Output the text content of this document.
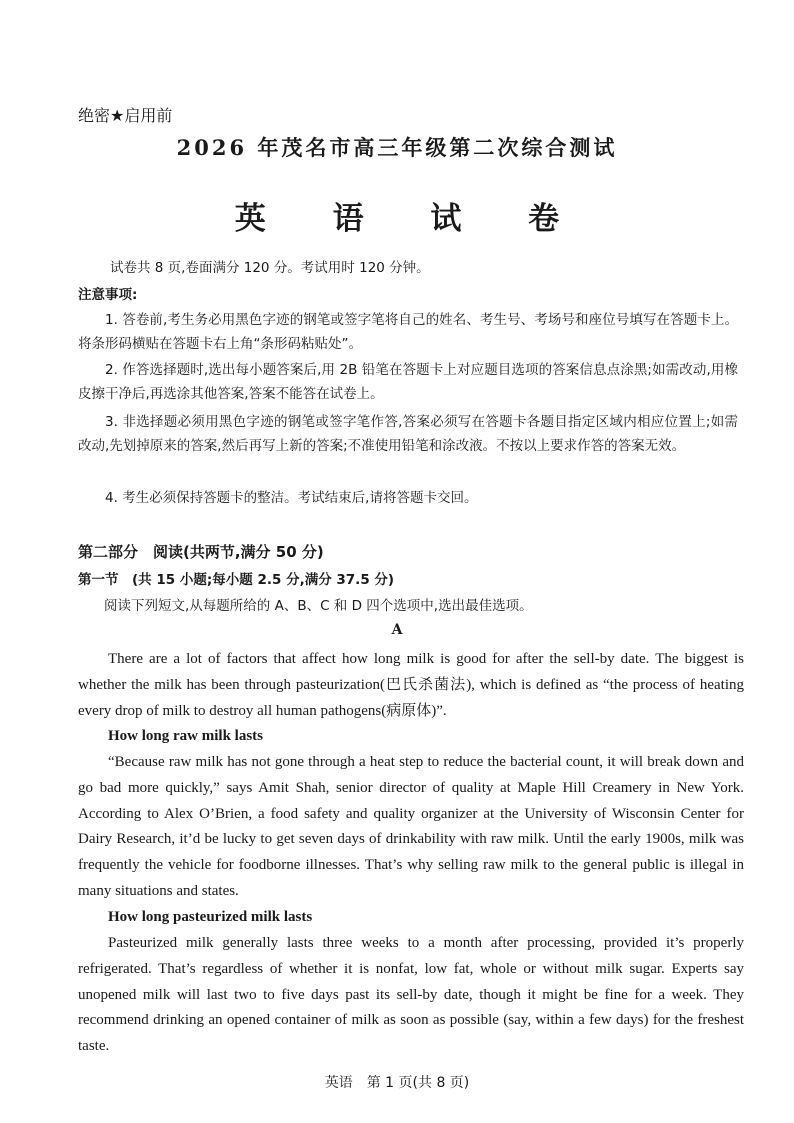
绝密★启用前
2026 年茂名市高三年级第二次综合测试
英 语 试 卷
试卷共 8 页,卷面满分 120 分。考试用时 120 分钟。
注意事项:

1. 答卷前,考生务必用黑色字迹的钢笔或签字笔将自己的姓名、考生号、考场号和座位号填写在答题卡上。将条形码横贴在答题卡右上角“条形码粘贴处”。

2. 作答选择题时,选出每小题答案后,用 2B 铅笔在答题卡上对应题目选项的答案信息点涂黑;如需改动,用橡皮擦干净后,再选涂其他答案,答案不能答在试卷上。

3. 非选择题必须用黑色字迹的钢笔或签字笔作答,答案必须写在答题卡各题目指定区域内相应位置上;如需改动,先划掉原来的答案,然后再写上新的答案;不准使用铅笔和涂改液。不按以上要求作答的答案无效。

4. 考生必须保持答题卡的整洁。考试结束后,请将答题卡交回。

第二部分　阅读(共两节,满分 50 分)
第一节　(共 15 小题;每小题 2.5 分,满分 37.5 分)
阅读下列短文,从每题所给的 A、B、C 和 D 四个选项中,选出最佳选项。
A

There are a lot of factors that affect how long milk is good for after the sell-by date. The biggest is whether the milk has been through pasteurization(巴氏杀菌法), which is defined as “the process of heating every drop of milk to destroy all human pathogens(病原体)”.

How long raw milk lasts

“Because raw milk has not gone through a heat step to reduce the bacterial count, it will break down and go bad more quickly,” says Amit Shah, senior director of quality at Maple Hill Creamery in New York. According to Alex O’Brien, a food safety and quality organizer at the University of Wisconsin Center for Dairy Research, it’d be lucky to get seven days of drinkability with raw milk. Until the early 1900s, milk was frequently the vehicle for foodborne illnesses. That’s why selling raw milk to the general public is illegal in many situations and states.

How long pasteurized milk lasts

Pasteurized milk generally lasts three weeks to a month after processing, provided it’s properly refrigerated. That’s regardless of whether it is nonfat, low fat, whole or without milk sugar. Experts say unopened milk will last two to five days past its sell-by date, though it might be fine for a week. They recommend drinking an opened container of milk as soon as possible (say, within a few days) for the freshest taste.

英语　第 1 页(共 8 页)
